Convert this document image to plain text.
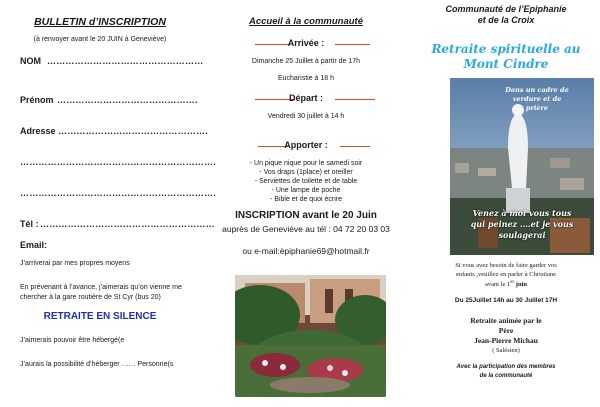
BULLETIN d’INSCRIPTION
(à renvoyer avant le 20 JUIN à Geneviève)
NOM ……………………………………………
Prénom ……………………………………….
Adresse ………………………………………….
……………………………………………………….
……………………………………………………….
Tél : …………………………………………………
Email:
J’arriverai par mes propres moyens
En prévenant à l’avance, j’aimerais qu’on vienne me
chercher à la gare routière de St Cyr (bus 20)
RETRAITE EN SILENCE
J’aimerais pouvoir être hébergé(e
J’aurais la possibilité d’héberger …… Personne(s
Accueil à la communauté
Arrivée :
Dimanche 25 Juillet à partir de 17h
Eucharistie à 18 h
Départ :
Vendredi 30 juillet à 14 h
Apporter :
- Un pique nique pour le samedi soir
- Vos draps (1place) et oreiller
- Serviettes de toilette et de table
- Une lampe de poche
- Bible et de quoi écrire
INSCRIPTION avant le 20 Juin
auprès de Geneviève au tél : 04 72 20 03 03
ou e-mail:èpiphanie69@hotmail.fr
Communauté de l’Epiphanie
et de la Croix
Retraite spirituelle au
Mont Cindre
Dans un cadre de
verdure et de
prière
Venez à moi vous tous
qui peinez ….et je vous
soulagerai
Si vous avez besoin de faire garder vos
enfants ,veuillez en parler à Christiane
avant le 1er juin
Du 25Juillet 14h au 30 Juillet 17H
Retraite animée par le
Père
Jean-Pierre Michau
( Salésien)
Avec la participation des membres
de la communauté
